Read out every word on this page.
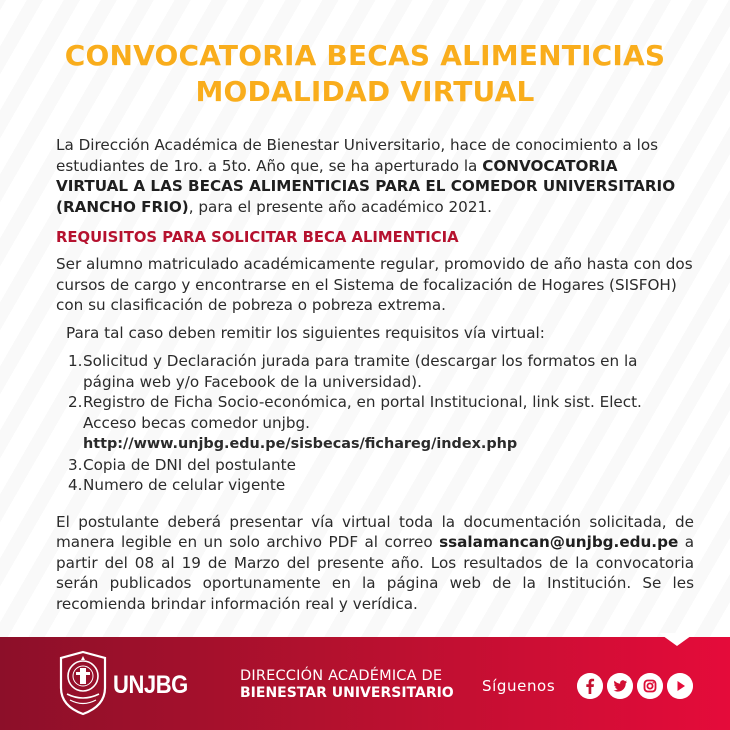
CONVOCATORIA BECAS ALIMENTICIAS
MODALIDAD VIRTUAL

La Dirección Académica de Bienestar Universitario, hace de conocimiento a los estudiantes de 1ro. a 5to. Año que, se ha aperturado la CONVOCATORIA VIRTUAL A LAS BECAS ALIMENTICIAS PARA EL COMEDOR UNIVERSITARIO (RANCHO FRIO), para el presente año académico 2021.

REQUISITOS PARA SOLICITAR BECA ALIMENTICIA

Ser alumno matriculado académicamente regular, promovido de año hasta con dos cursos de cargo y encontrarse en el Sistema de focalización de Hogares (SISFOH) con su clasificación de pobreza o pobreza extrema.

Para tal caso deben remitir los siguientes requisitos vía virtual:
1. Solicitud y Declaración jurada para tramite (descargar los formatos en la página web y/o Facebook de la universidad).
2. Registro de Ficha Socio-económica, en portal Institucional, link sist. Elect. Acceso becas comedor unjbg. http://www.unjbg.edu.pe/sisbecas/fichareg/index.php
3. Copia de DNI del postulante
4. Numero de celular vigente

El postulante deberá presentar vía virtual toda la documentación solicitada, de manera legible en un solo archivo PDF al correo ssalamancan@unjbg.edu.pe a partir del 08 al 19 de Marzo del presente año. Los resultados de la convocatoria serán publicados oportunamente en la página web de la Institución. Se les recomienda brindar información real y verídica.

UNJBG	DIRECCIÓN ACADÉMICA DE
BIENESTAR UNIVERSITARIO Síguenos
